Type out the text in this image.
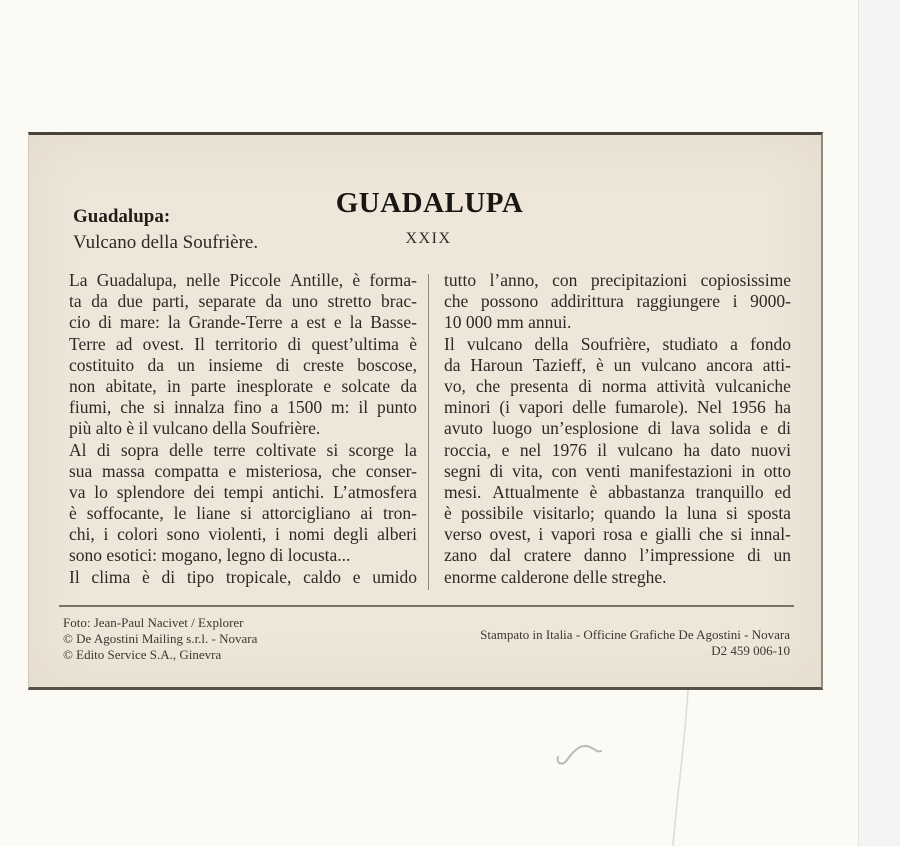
GUADALUPA
XXIX
Guadalupa:
Vulcano della Soufrière.
La Guadalupa, nelle Piccole Antille, è forma-
ta da due parti, separate da uno stretto brac-
cio di mare: la Grande-Terre a est e la Basse-
Terre ad ovest. Il territorio di quest’ultima è
costituito da un insieme di creste boscose,
non abitate, in parte inesplorate e solcate da
fiumi, che si innalza fino a 1500 m: il punto
più alto è il vulcano della Soufrière.
Al di sopra delle terre coltivate si scorge la
sua massa compatta e misteriosa, che conser-
va lo splendore dei tempi antichi. L’atmosfera
è soffocante, le liane si attorcigliano ai tron-
chi, i colori sono violenti, i nomi degli alberi
sono esotici: mogano, legno di locusta...
Il clima è di tipo tropicale, caldo e umido
tutto l’anno, con precipitazioni copiosissime
che possono addirittura raggiungere i 9000-
10 000 mm annui.
Il vulcano della Soufrière, studiato a fondo
da Haroun Tazieff, è un vulcano ancora atti-
vo, che presenta di norma attività vulcaniche
minori (i vapori delle fumarole). Nel 1956 ha
avuto luogo un’esplosione di lava solida e di
roccia, e nel 1976 il vulcano ha dato nuovi
segni di vita, con venti manifestazioni in otto
mesi. Attualmente è abbastanza tranquillo ed
è possibile visitarlo; quando la luna si sposta
verso ovest, i vapori rosa e gialli che si innal-
zano dal cratere danno l’impressione di un
enorme calderone delle streghe.
Foto: Jean-Paul Nacivet / Explorer
© De Agostini Mailing s.r.l. - Novara
© Edito Service S.A., Ginevra
Stampato in Italia - Officine Grafiche De Agostini - Novara
D2 459 006-10
